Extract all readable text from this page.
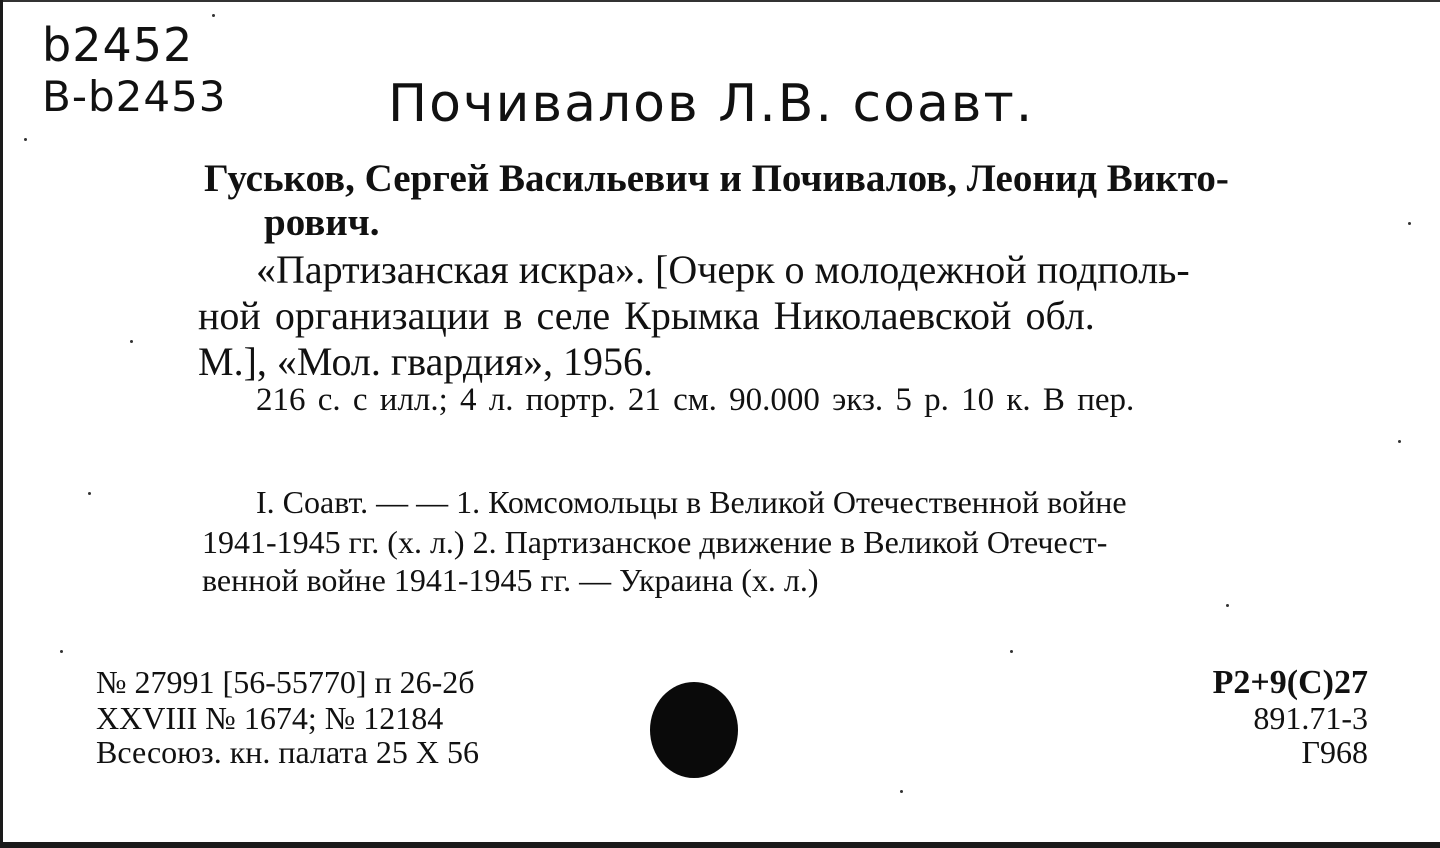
b2452
B-b2453	Почивалов Л.В. соавт.
Гуськов, Сергей Васильевич и Почивалов, Леонид Викто-
рович.
«Партизанская искра». [Очерк о молодежной подполь-
ной организации в селе Крымка Николаевской обл.
М.], «Мол. гвардия», 1956.
216 с. с илл.; 4 л. портр. 21 см. 90.000 экз. 5 р. 10 к. В пер.
I. Соавт. — — 1. Комсомольцы в Великой Отечественной войне
1941-1945 гг. (х. л.) 2. Партизанское движение в Великой Отечест-
венной войне 1941-1945 гг. — Украина (х. л.)
№ 27991 [56-55770] п 26-2б
XXVIII № 1674; № 12184
Всесоюз. кн. палата 25 X 56
Р2+9(С)27
891.71-3
Г968
